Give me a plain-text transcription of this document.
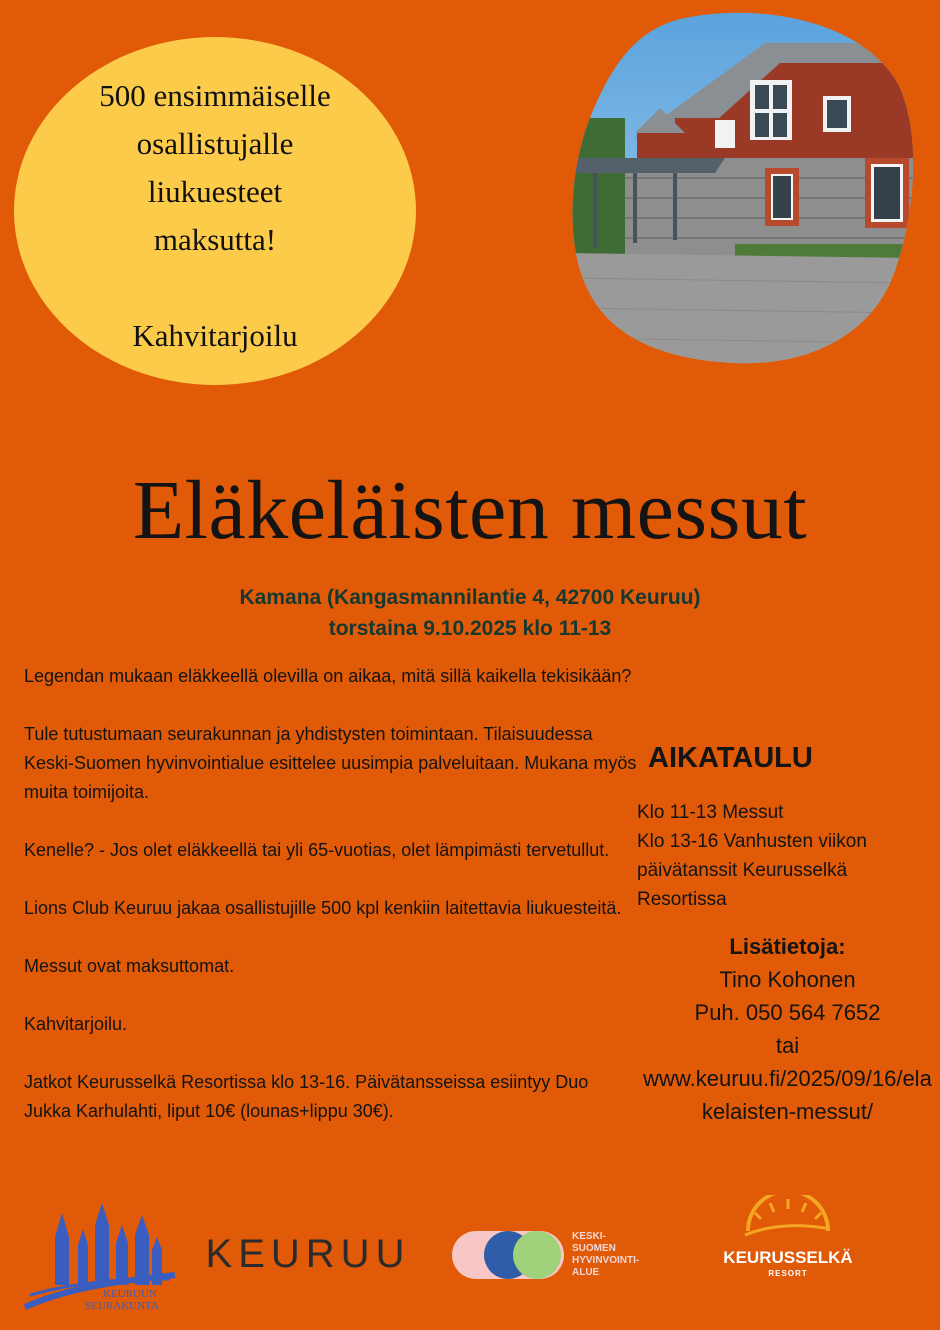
500 ensimmäiselle
osallistujalle
liukuesteet
maksutta!
Kahvitarjoilu
Eläkeläisten messut
Kamana (Kangasmannilantie 4, 42700 Keuruu)
torstaina 9.10.2025 klo 11-13

Legendan mukaan eläkkeellä olevilla on aikaa, mitä sillä kaikella tekisikään?

Tule tutustumaan seurakunnan ja yhdistysten toimintaan. Tilaisuudessa Keski-Suomen hyvinvointialue esittelee uusimpia palveluitaan. Mukana myös muita toimijoita.

Kenelle? - Jos olet eläkkeellä tai yli 65-vuotias, olet lämpimästi tervetullut.

Lions Club Keuruu jakaa osallistujille 500 kpl kenkiin laitettavia liukuesteitä.

Messut ovat maksuttomat.

Kahvitarjoilu.

Jatkot Keurusselkä Resortissa klo 13-16. Päivätansseissa esiintyy Duo Jukka Karhulahti, liput 10€ (lounas+lippu 30€).

AIKATAULU
Klo 11-13 Messut
Klo 13-16 Vanhusten viikon päivätanssit Keurusselkä Resortissa
Lisätietoja:
Tino Kohonen
Puh. 050 564 7652
tai
www.keuruu.fi/2025/09/16/elakelaisten-messut/
KEURUUN
SEURAKUNTA
KEURUU	KESKI-
SUOMEN
HYVINVOINTI-
ALUE
KEURUSSELKÄ
RESORT
